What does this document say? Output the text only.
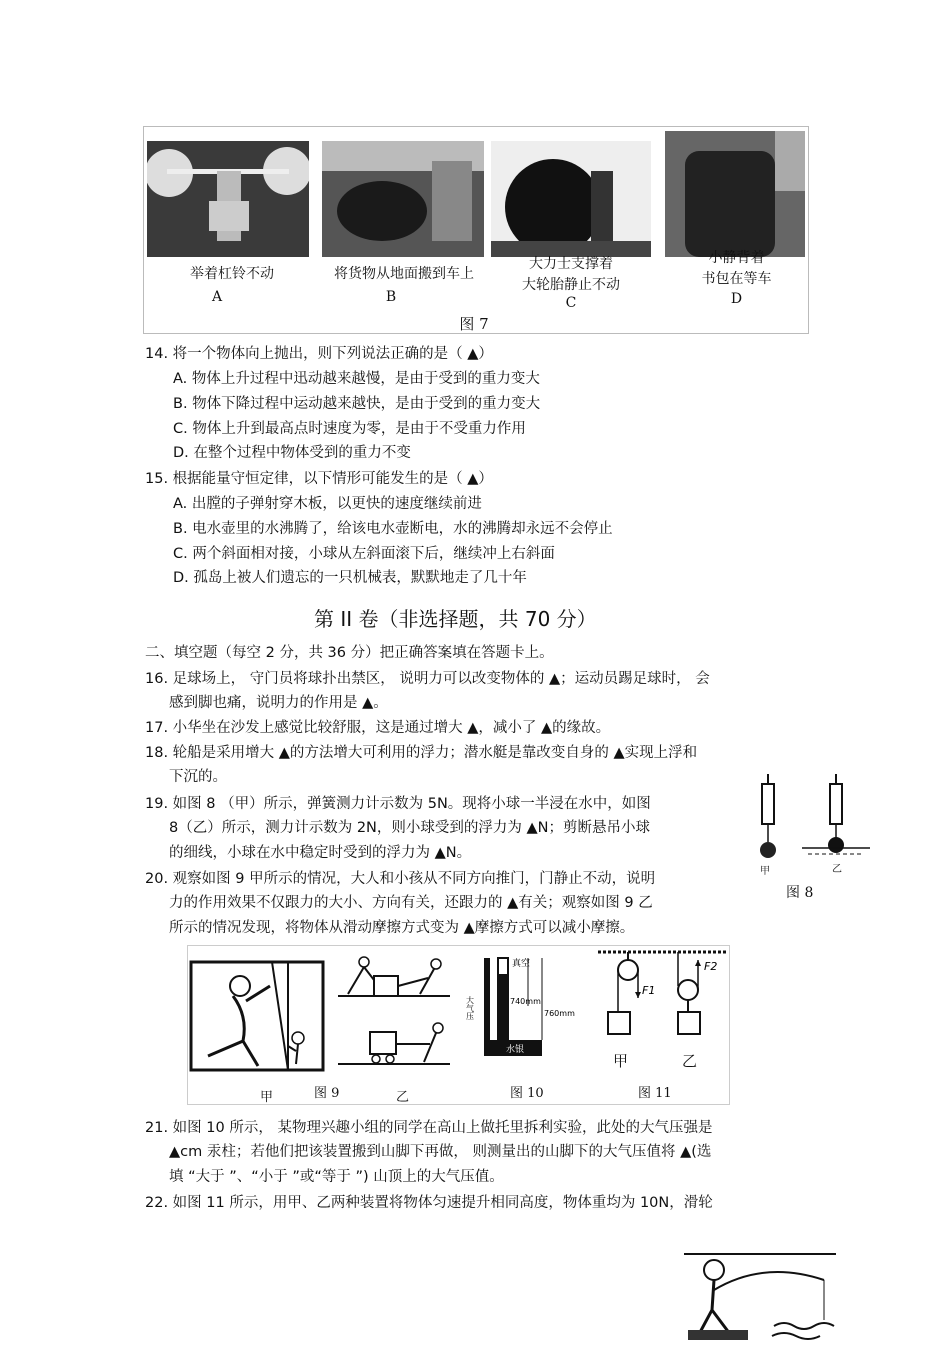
举着杠铃不动
A
将货物从地面搬到车上
B
大力士支撑着
大轮胎静止不动
C
小静背着
书包在等车
D
图 7
14. 将一个物体向上抛出，则下列说法正确的是（ ▲）
A. 物体上升过程中迅动越来越慢，是由于受到的重力变大
B. 物体下降过程中运动越来越快，是由于受到的重力变大
C. 物体上升到最高点时速度为零，是由于不受重力作用
D. 在整个过程中物体受到的重力不变
15. 根据能量守恒定律，以下情形可能发生的是（ ▲）
A. 出膛的子弹射穿木板，以更快的速度继续前进
B. 电水壶里的水沸腾了，给该电水壶断电，水的沸腾却永远不会停止
C. 两个斜面相对接，小球从左斜面滚下后，继续冲上右斜面
D. 孤岛上被人们遗忘的一只机械表，默默地走了几十年
第 II 卷（非选择题，共 70 分）
二、填空题（每空 2 分，共 36 分）把正确答案填在答题卡上。
16. 足球场上， 守门员将球扑出禁区， 说明力可以改变物体的 ▲；运动员踢足球时， 会
感到脚也痛，说明力的作用是 ▲。
17. 小华坐在沙发上感觉比较舒服，这是通过增大 ▲，减小了 ▲的缘故。
18. 轮船是采用增大 ▲的方法增大可利用的浮力；潜水艇是靠改变自身的 ▲实现上浮和
下沉的。
19. 如图 8 （甲）所示，弹簧测力计示数为 5N。现将小球一半浸在水中，如图
8（乙）所示，测力计示数为 2N，则小球受到的浮力为 ▲N；剪断悬吊小球
的细线，小球在水中稳定时受到的浮力为 ▲N。
甲	乙
图 8
20. 观察如图 9 甲所示的情况，大人和小孩从不同方向推门，门静止不动，说明
力的作用效果不仅跟力的大小、方向有关，还跟力的 ▲有关；观察如图 9 乙
所示的情况发现，将物体从滑动摩擦方式变为 ▲摩擦方式可以减小摩擦。
真空
大气压	740mm
760mm
水银
F1
F2
甲	图 9	乙	图 10
甲	乙
图 11
21. 如图 10 所示， 某物理兴趣小组的同学在高山上做托里拆利实验，此处的大气压强是
▲cm 汞柱；若他们把该装置搬到山脚下再做， 则测量出的山脚下的大气压值将 ▲(选
填 “大于 ”、“小于 ”或“等于 ”) 山顶上的大气压值。
22. 如图 11 所示，用甲、乙两种装置将物体匀速提升相同高度，物体重均为 10N，滑轮
